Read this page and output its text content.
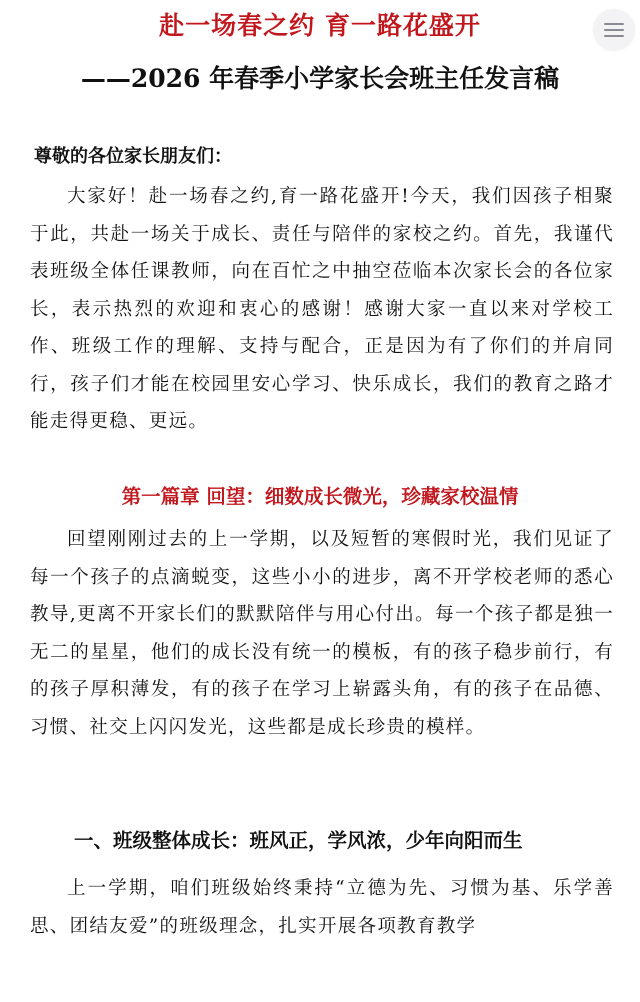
赴一场春之约 育一路花盛开
——2026 年春季小学家长会班主任发言稿
尊敬的各位家长朋友们：

大家好！赴一场春之约,育一路花盛开!今天，我们因孩子相聚于此，共赴一场关于成长、责任与陪伴的家校之约。首先，我谨代表班级全体任课教师，向在百忙之中抽空莅临本次家长会的各位家长，表示热烈的欢迎和衷心的感谢！感谢大家一直以来对学校工作、班级工作的理解、支持与配合，正是因为有了你们的并肩同行，孩子们才能在校园里安心学习、快乐成长，我们的教育之路才能走得更稳、更远。

第一篇章 回望：细数成长微光，珍藏家校温情

回望刚刚过去的上一学期，以及短暂的寒假时光，我们见证了每一个孩子的点滴蜕变，这些小小的进步，离不开学校老师的悉心教导,更离不开家长们的默默陪伴与用心付出。每一个孩子都是独一无二的星星，他们的成长没有统一的模板，有的孩子稳步前行，有的孩子厚积薄发，有的孩子在学习上崭露头角，有的孩子在品德、习惯、社交上闪闪发光，这些都是成长珍贵的模样。

一、班级整体成长：班风正，学风浓，少年向阳而生

上一学期，咱们班级始终秉持“立德为先、习惯为基、乐学善思、团结友爱”的班级理念，扎实开展各项教育教学
